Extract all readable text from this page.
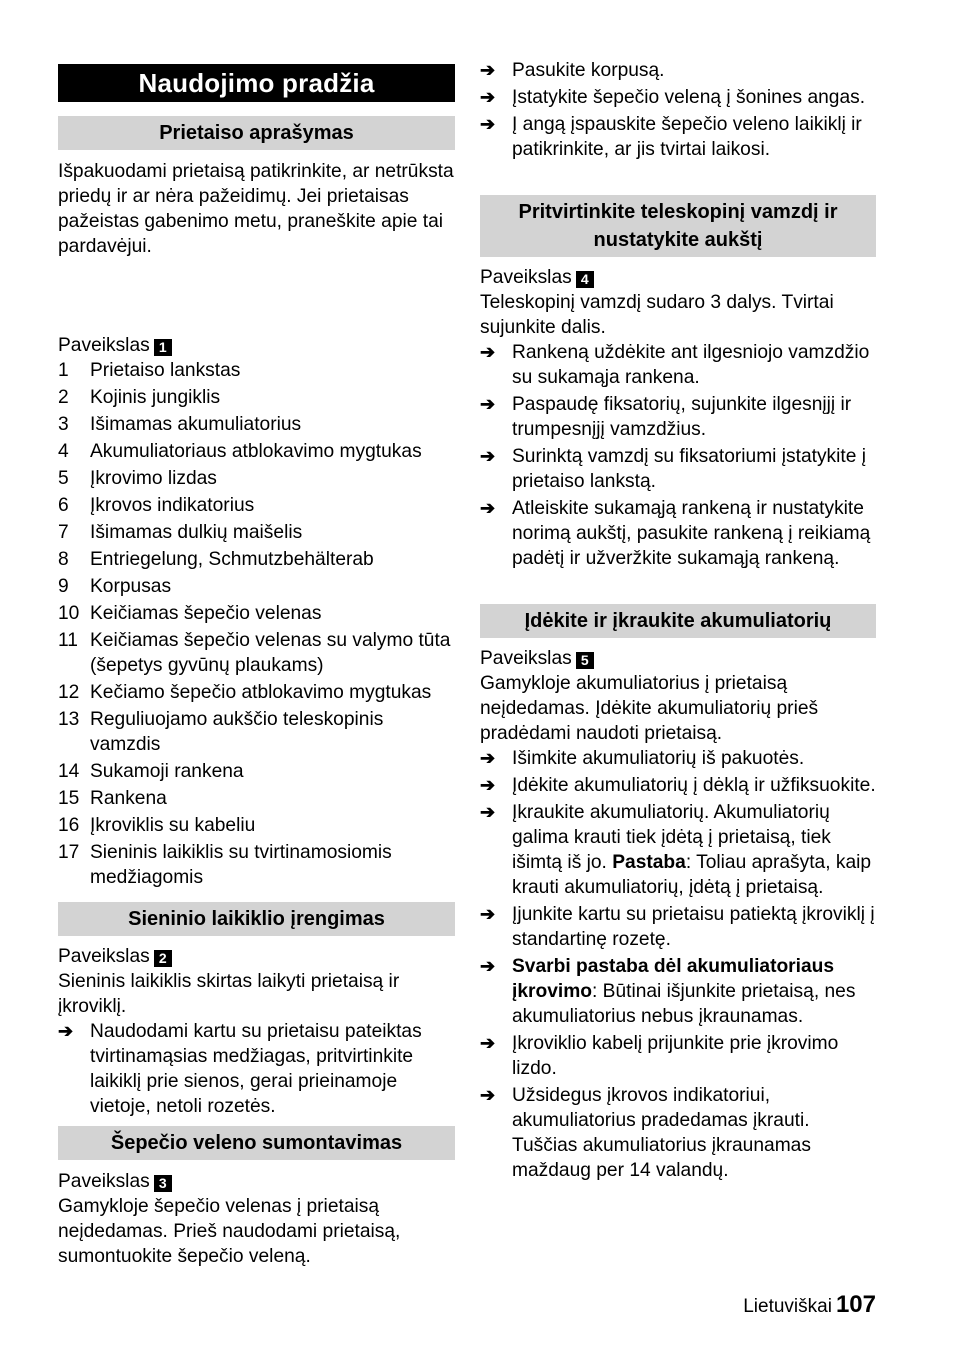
Naudojimo pradžia
Prietaiso aprašymas

Išpakuodami prietaisą patikrinkite, ar netrūksta priedų ir ar nėra pažeidimų. Jei prietaisas pažeistas gabenimo metu, praneškite apie tai pardavėjui.

Paveikslas 1

1	Prietaiso lankstas
2	Kojinis jungiklis
3	Išimamas akumuliatorius
4	Akumuliatoriaus atblokavimo mygtukas
5	Įkrovimo lizdas
6	Įkrovos indikatorius
7	Išimamas dulkių maišelis
8	Entriegelung, Schmutzbehälterab
9	Korpusas
10 Keičiamas šepečio velenas
11 Keičiamas šepečio velenas su valymo tūta (šepetys gyvūnų plaukams)
12 Kečiamo šepečio atblokavimo mygtukas
13 Reguliuojamo aukščio teleskopinis vamzdis
14 Sukamoji rankena
15 Rankena
16 Įkroviklis su kabeliu
17 Sieninis laikiklis su tvirtinamosiomis medžiagomis
Sieninio laikiklio įrengimas

Paveikslas 2

Sieninis laikiklis skirtas laikyti prietaisą ir įkroviklį.

➔ Naudodami kartu su prietaisu pateiktas tvirtinamąsias medžiagas, pritvirtinkite laikiklį prie sienos, gerai prieinamoje vietoje, netoli rozetės.
Šepečio veleno sumontavimas

Paveikslas 3

Gamykloje šepečio velenas į prietaisą neįdedamas. Prieš naudodami prietaisą, sumontuokite šepečio veleną.

➔ Pasukite korpusą.
➔ Įstatykite šepečio veleną į šonines angas.
➔ Į angą įspauskite šepečio veleno laikiklį ir patikrinkite, ar jis tvirtai laikosi.
Pritvirtinkite teleskopinį vamzdį ir nustatykite aukštį

Paveikslas 4

Teleskopinį vamzdį sudaro 3 dalys. Tvirtai sujunkite dalis.

➔ Rankeną uždėkite ant ilgesniojo vamzdžio su sukamąja rankena.
➔ Paspaudę fiksatorių, sujunkite ilgesnįjį ir trumpesnįjį vamzdžius.
➔ Surinktą vamzdį su fiksatoriumi įstatykite į prietaiso lankstą.
➔ Atleiskite sukamąją rankeną ir nustatykite norimą aukštį, pasukite rankeną į reikiamą padėtį ir užveržkite sukamąją rankeną.
Įdėkite ir įkraukite akumuliatorių

Paveikslas 5

Gamykloje akumuliatorius į prietaisą neįdedamas. Įdėkite akumuliatorių prieš pradėdami naudoti prietaisą.

➔ Išimkite akumuliatorių iš pakuotės.
➔ Įdėkite akumuliatorių į dėklą ir užfiksuokite.
➔ Įkraukite akumuliatorių. Akumuliatorių galima krauti tiek įdėtą į prietaisą, tiek išimtą iš jo. Pastaba: Toliau aprašyta, kaip krauti akumuliatorių, įdėtą į prietaisą.
➔ Įjunkite kartu su prietaisu patiektą įkroviklį į standartinę rozetę.
➔ Svarbi pastaba dėl akumuliatoriaus įkrovimo: Būtinai išjunkite prietaisą, nes akumuliatorius nebus įkraunamas.
➔ Įkroviklio kabelį prijunkite prie įkrovimo lizdo.
➔ Užsidegus įkrovos indikatoriui, akumuliatorius pradedamas įkrauti. Tuščias akumuliatorius įkraunamas maždaug per 14 valandų.
Lietuviškai 107
